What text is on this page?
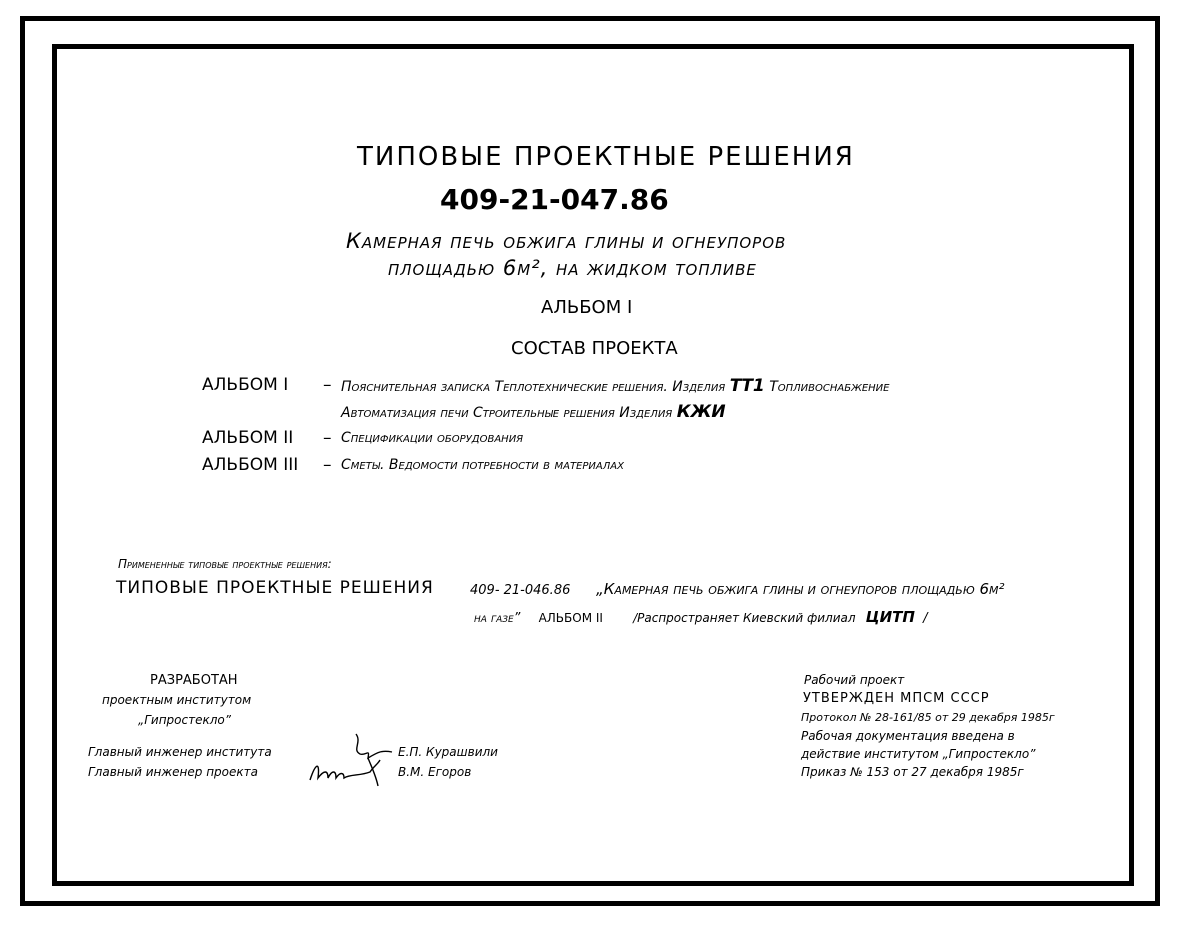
ТИПОВЫЕ ПРОЕКТНЫЕ РЕШЕНИЯ
409-21-047.86
Камерная печь обжига глины и огнеупоров
площадью 6м², на жидком топливе
АЛЬБОМ I
СОСТАВ ПРОЕКТА
АЛЬБОМ I – Пояснительная записка Теплотехнические решения. Изделия ТТ1 Топливоснабжение
Автоматизация печи Строительные решения Изделия КЖИ
АЛЬБОМ II – Спецификации оборудования
АЛЬБОМ III – Сметы. Ведомости потребности в материалах
Примененные типовые проектные решения:
ТИПОВЫЕ ПРОЕКТНЫЕ РЕШЕНИЯ	409- 21-046.86 „Камерная печь обжига глины и огнеупоров площадью 6м²
на газе” АЛЬБОМ II	/Распространяет Киевский филиал ЦИТП /
РАЗРАБОТАН
проектным институтом
„Гипростекло”
Главный инженер института
Главный инженер проекта
Е.П. Курашвили
В.М. Егоров
Рабочий проект
УТВЕРЖДЕН МПСМ СССР
Протокол № 28-161/85 от 29 декабря 1985г
Рабочая документация введена в
действие институтом „Гипростекло”
Приказ № 153 от 27 декабря 1985г
